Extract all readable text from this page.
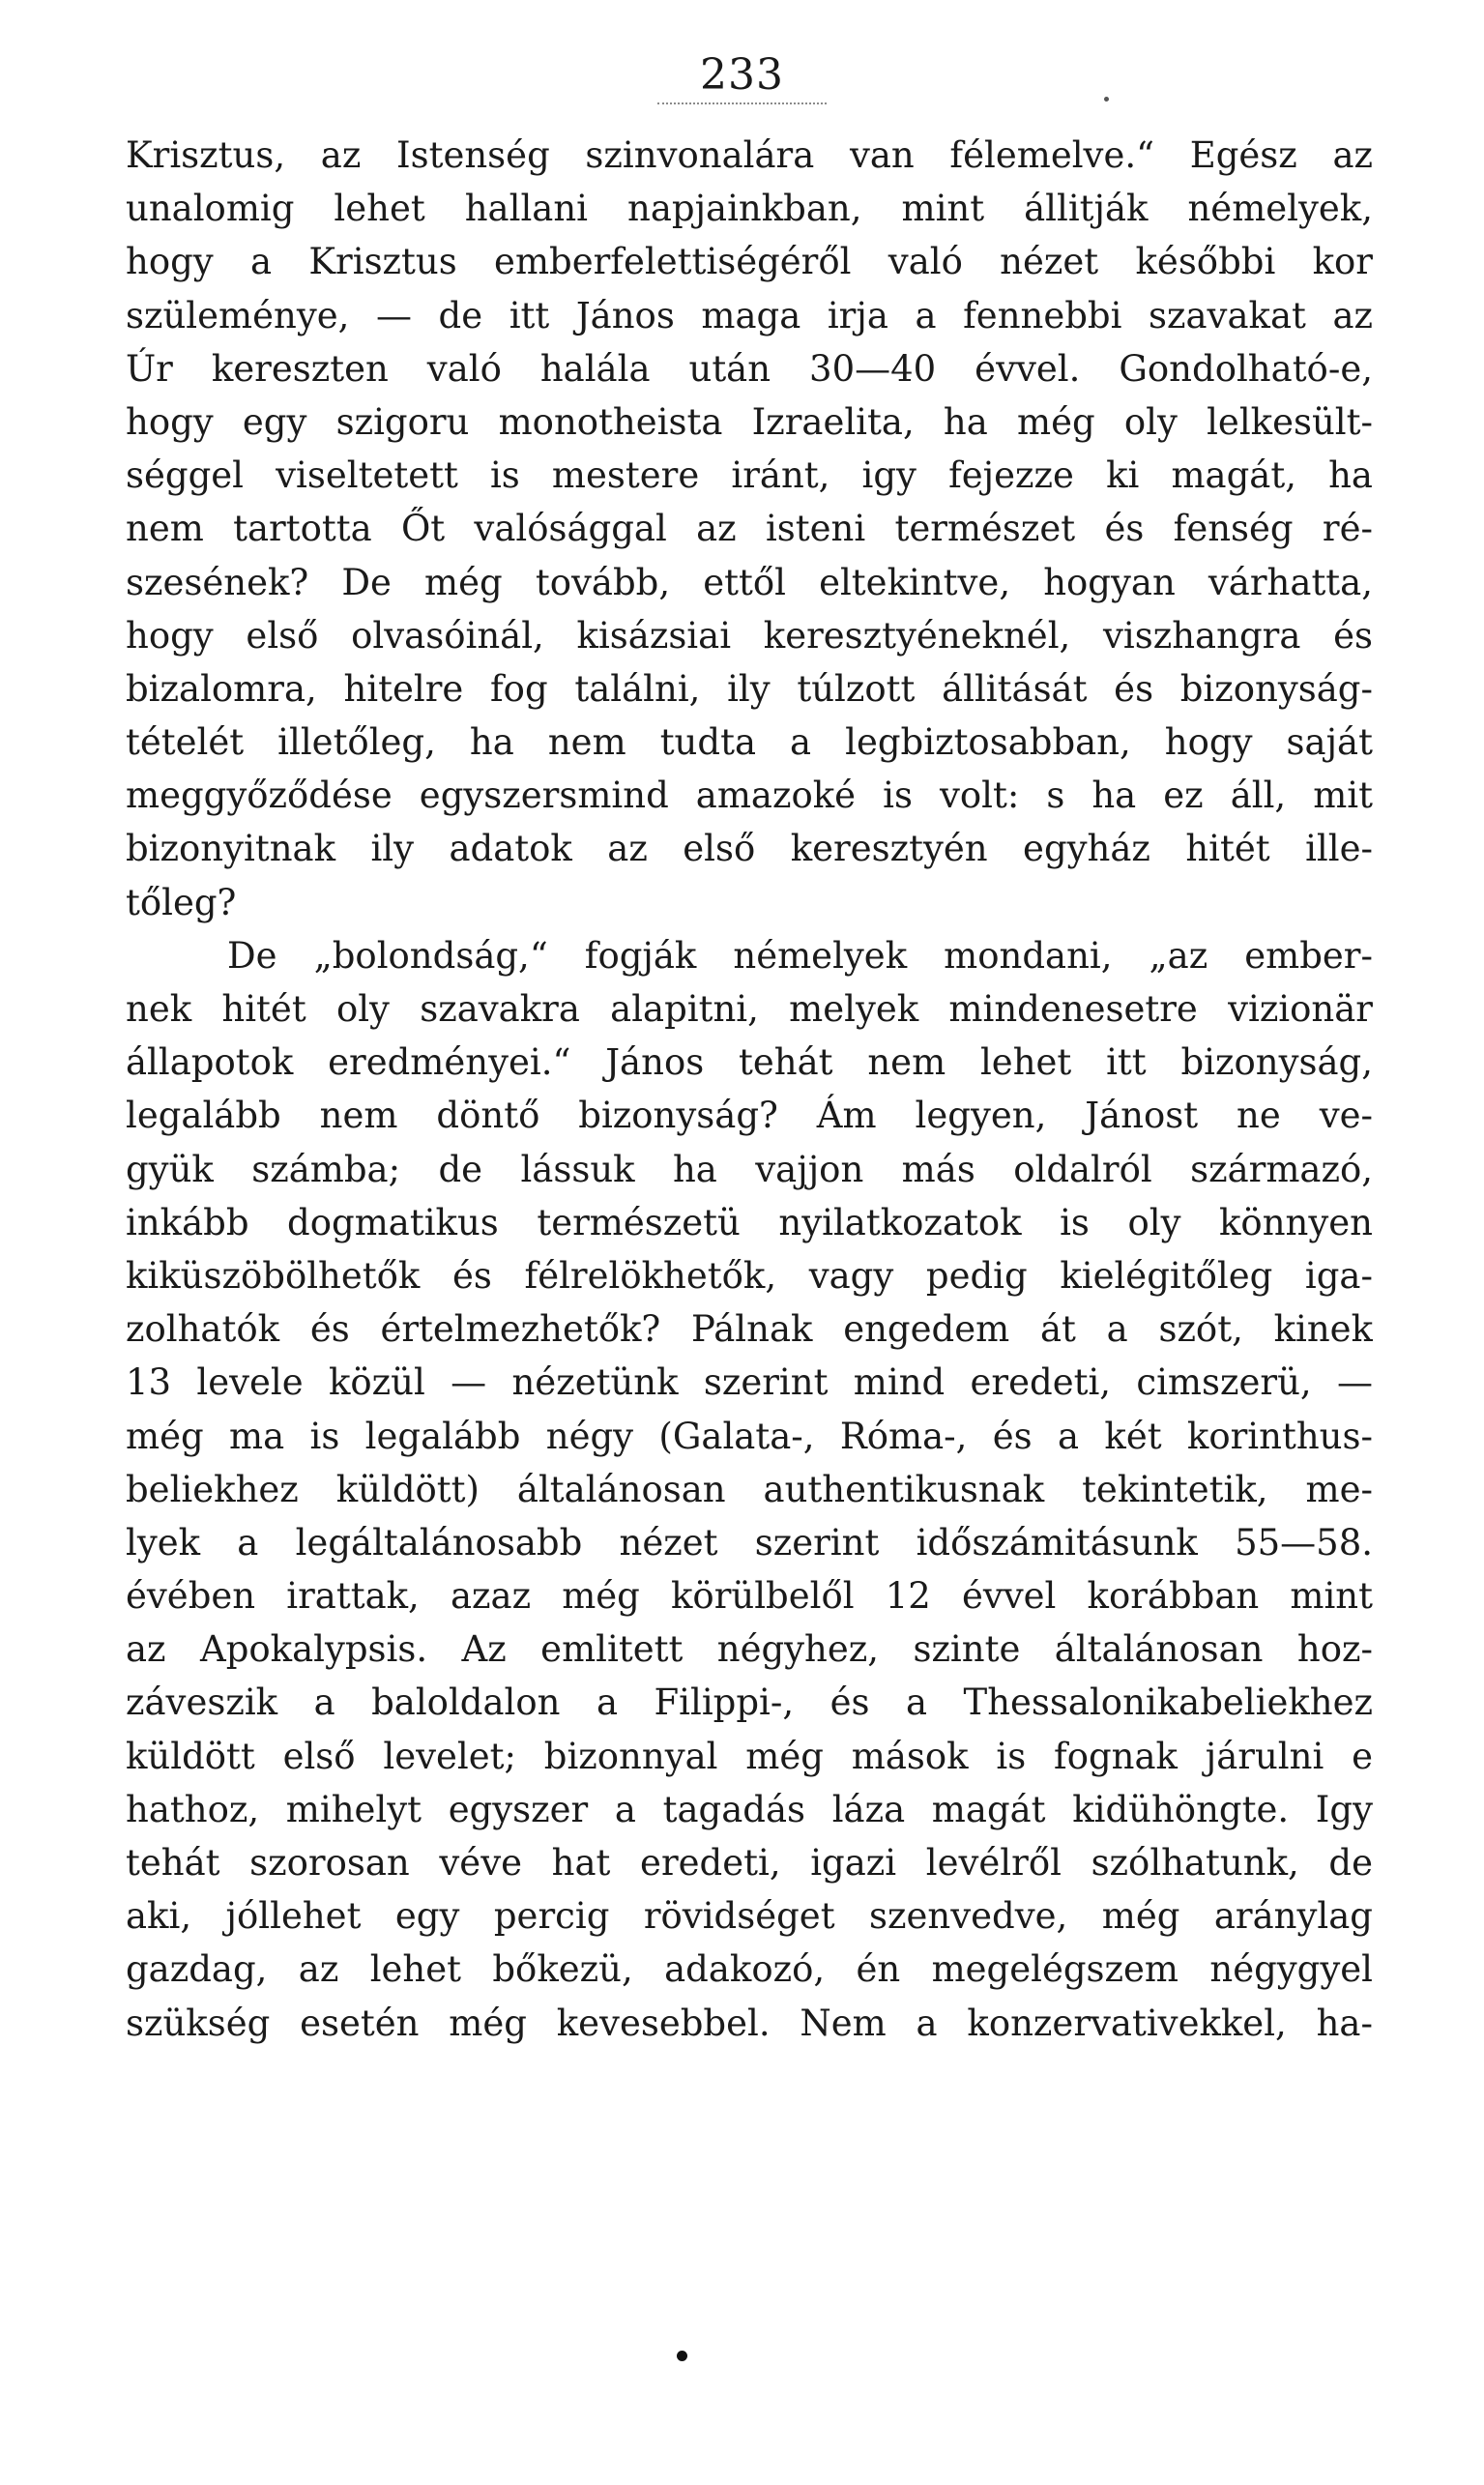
233
Krisztus, az Istenség szinvonalára van félemelve.“ Egész az
unalomig lehet hallani napjainkban, mint állitják némelyek,
hogy a Krisztus emberfelettiségéről való nézet későbbi kor
szüleménye, — de itt János maga irja a fennebbi szavakat az
Úr kereszten való halála után 30—40 évvel. Gondolható-e,
hogy egy szigoru monotheista Izraelita, ha még oly lelkesült-
séggel viseltetett is mestere iránt, igy fejezze ki magát, ha
nem tartotta Őt valósággal az isteni természet és fenség ré-
szesének? De még tovább, ettől eltekintve, hogyan várhatta,
hogy első olvasóinál, kisázsiai keresztyéneknél, viszhangra és
bizalomra, hitelre fog találni, ily túlzott állitását és bizonyság-
tételét illetőleg, ha nem tudta a legbiztosabban, hogy saját
meggyőződése egyszersmind amazoké is volt: s ha ez áll, mit
bizonyitnak ily adatok az első keresztyén egyház hitét ille-
tőleg?
De „bolondság,“ fogják némelyek mondani, „az ember-
nek hitét oly szavakra alapitni, melyek mindenesetre vizionär
állapotok eredményei.“ János tehát nem lehet itt bizonyság,
legalább nem döntő bizonyság? Ám legyen, Jánost ne ve-
gyük számba; de lássuk ha vajjon más oldalról származó,
inkább dogmatikus természetü nyilatkozatok is oly könnyen
kiküszöbölhetők és félrelökhetők, vagy pedig kielégitőleg iga-
zolhatók és értelmezhetők? Pálnak engedem át a szót, kinek
13 levele közül — nézetünk szerint mind eredeti, cimszerü, —
még ma is legalább négy (Galata-, Róma-, és a két korinthus-
beliekhez küldött) általánosan authentikusnak tekintetik, me-
lyek a legáltalánosabb nézet szerint időszámitásunk 55—58.
évében irattak, azaz még körülbelől 12 évvel korábban mint
az Apokalypsis. Az emlitett négyhez, szinte általánosan hoz-
záveszik a baloldalon a Filippi-, és a Thessalonikabeliekhez
küldött első levelet; bizonnyal még mások is fognak járulni e
hathoz, mihelyt egyszer a tagadás láza magát kidühöngte. Igy
tehát szorosan véve hat eredeti, igazi levélről szólhatunk, de
aki, jóllehet egy percig rövidséget szenvedve, még aránylag
gazdag, az lehet bőkezü, adakozó, én megelégszem négygyel
szükség esetén még kevesebbel. Nem a konzervativekkel, ha-
